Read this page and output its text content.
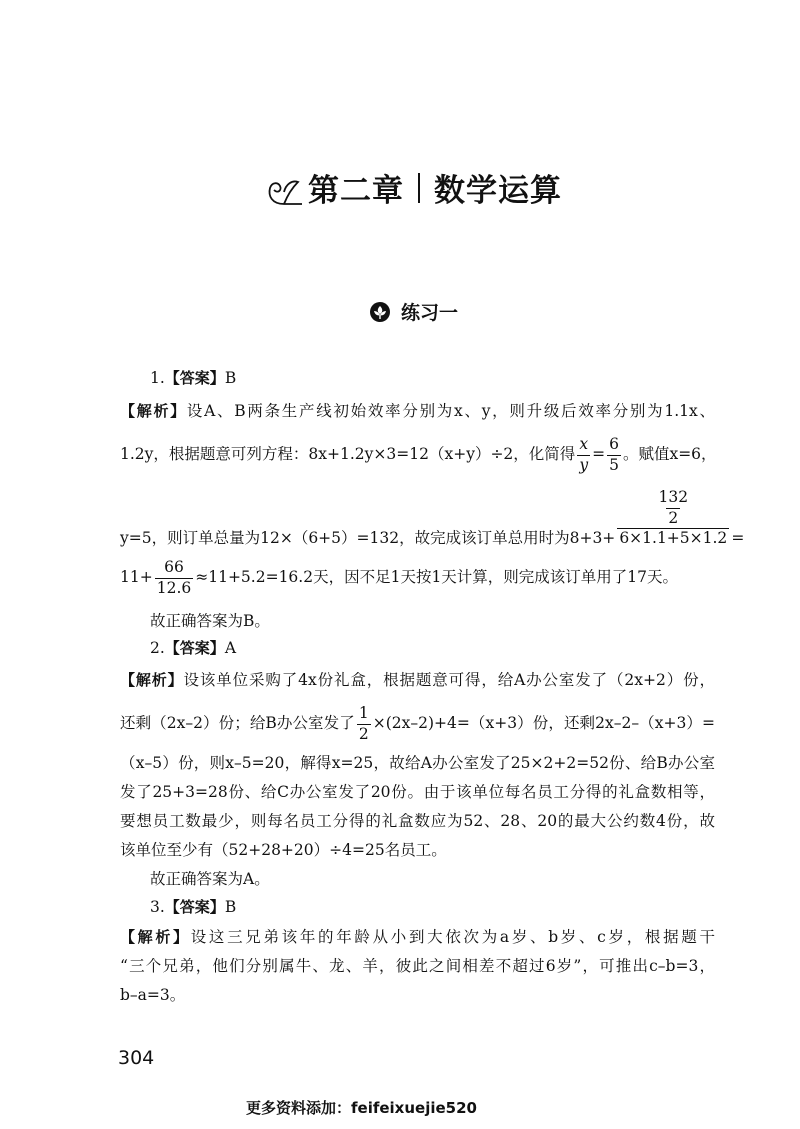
第二章 数学运算
练习一
1.【答案】B
【解析】设A、B两条生产线初始效率分别为x、y，则升级后效率分别为1.1x、
1.2y，根据题意可列方程：8x+1.2y×3=12（x+y）÷2，化简得 $\frac{x}{y} = \frac{6}{5}$ 。赋值x=6，
y=5，则订单总量为12×（6+5）=132，故完成该订单总用时为$8+3+ \frac{\frac{132}{2}}{6\times 1.1+5\times 1.2}$ =
$11+ \frac{66}{12.6} \approx 11+5.2=16.2$天，因不足1天按1天计算，则完成该订单用了17天。
故正确答案为B。
2.【答案】A
【解析】设该单位采购了4x份礼盒，根据题意可得，给A办公室发了（2x+2）份，
还剩（2x–2）份；给B办公室发了 $\frac{1}{2} \times(2x-2)+4=(x+3)$份，还剩2x–2–（x+3）=
（x–5）份，则x–5=20，解得x=25，故给A办公室发了25×2+2=52份、给B办公室
发了25+3=28份、给C办公室发了20份。由于该单位每名员工分得的礼盒数相等，
要想员工数最少，则每名员工分得的礼盒数应为52、28、20的最大公约数4份，故
该单位至少有（52+28+20）÷4=25名员工。
故正确答案为A。
3.【答案】B
【解析】设这三兄弟该年的年龄从小到大依次为a岁、b岁、c岁，根据题干
“三个兄弟，他们分别属牛、龙、羊，彼此之间相差不超过6岁”，可推出c–b=3，
b–a=3。
304
更多资料添加：feifeixuejie520
